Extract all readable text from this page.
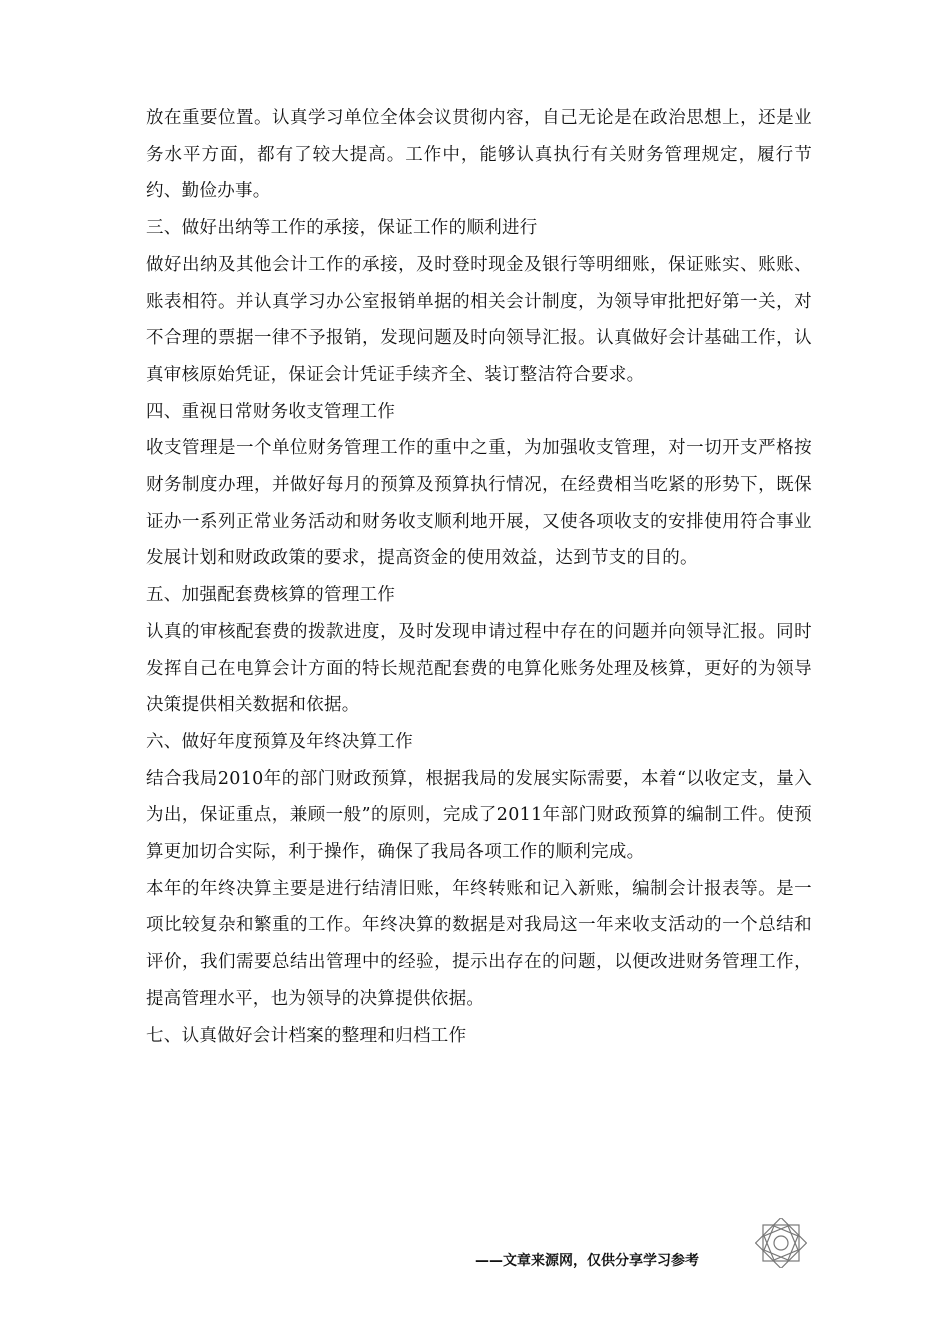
放在重要位置。认真学习单位全体会议贯彻内容，自己无论是在政治思想上，还是业务水平方面，都有了较大提高。工作中，能够认真执行有关财务管理规定，履行节约、勤俭办事。

三、做好出纳等工作的承接，保证工作的顺利进行

做好出纳及其他会计工作的承接，及时登时现金及银行等明细账，保证账实、账账、账表相符。并认真学习办公室报销单据的相关会计制度，为领导审批把好第一关，对不合理的票据一律不予报销，发现问题及时向领导汇报。认真做好会计基础工作，认真审核原始凭证，保证会计凭证手续齐全、装订整洁符合要求。

四、重视日常财务收支管理工作

收支管理是一个单位财务管理工作的重中之重，为加强收支管理，对一切开支严格按财务制度办理，并做好每月的预算及预算执行情况，在经费相当吃紧的形势下，既保证办一系列正常业务活动和财务收支顺利地开展，又使各项收支的安排使用符合事业发展计划和财政政策的要求，提高资金的使用效益，达到节支的目的。

五、加强配套费核算的管理工作

认真的审核配套费的拨款进度，及时发现申请过程中存在的问题并向领导汇报。同时发挥自己在电算会计方面的特长规范配套费的电算化账务处理及核算，更好的为领导决策提供相关数据和依据。

六、做好年度预算及年终决算工作

结合我局2010年的部门财政预算，根据我局的发展实际需要，本着“以收定支，量入为出，保证重点，兼顾一般”的原则，完成了2011年部门财政预算的编制工件。使预算更加切合实际，利于操作，确保了我局各项工作的顺利完成。

本年的年终决算主要是进行结清旧账，年终转账和记入新账，编制会计报表等。是一项比较复杂和繁重的工作。年终决算的数据是对我局这一年来收支活动的一个总结和评价，我们需要总结出管理中的经验，提示出存在的问题，以便改进财务管理工作，提高管理水平，也为领导的决算提供依据。

七、认真做好会计档案的整理和归档工作

——文章来源网，仅供分享学习参考
